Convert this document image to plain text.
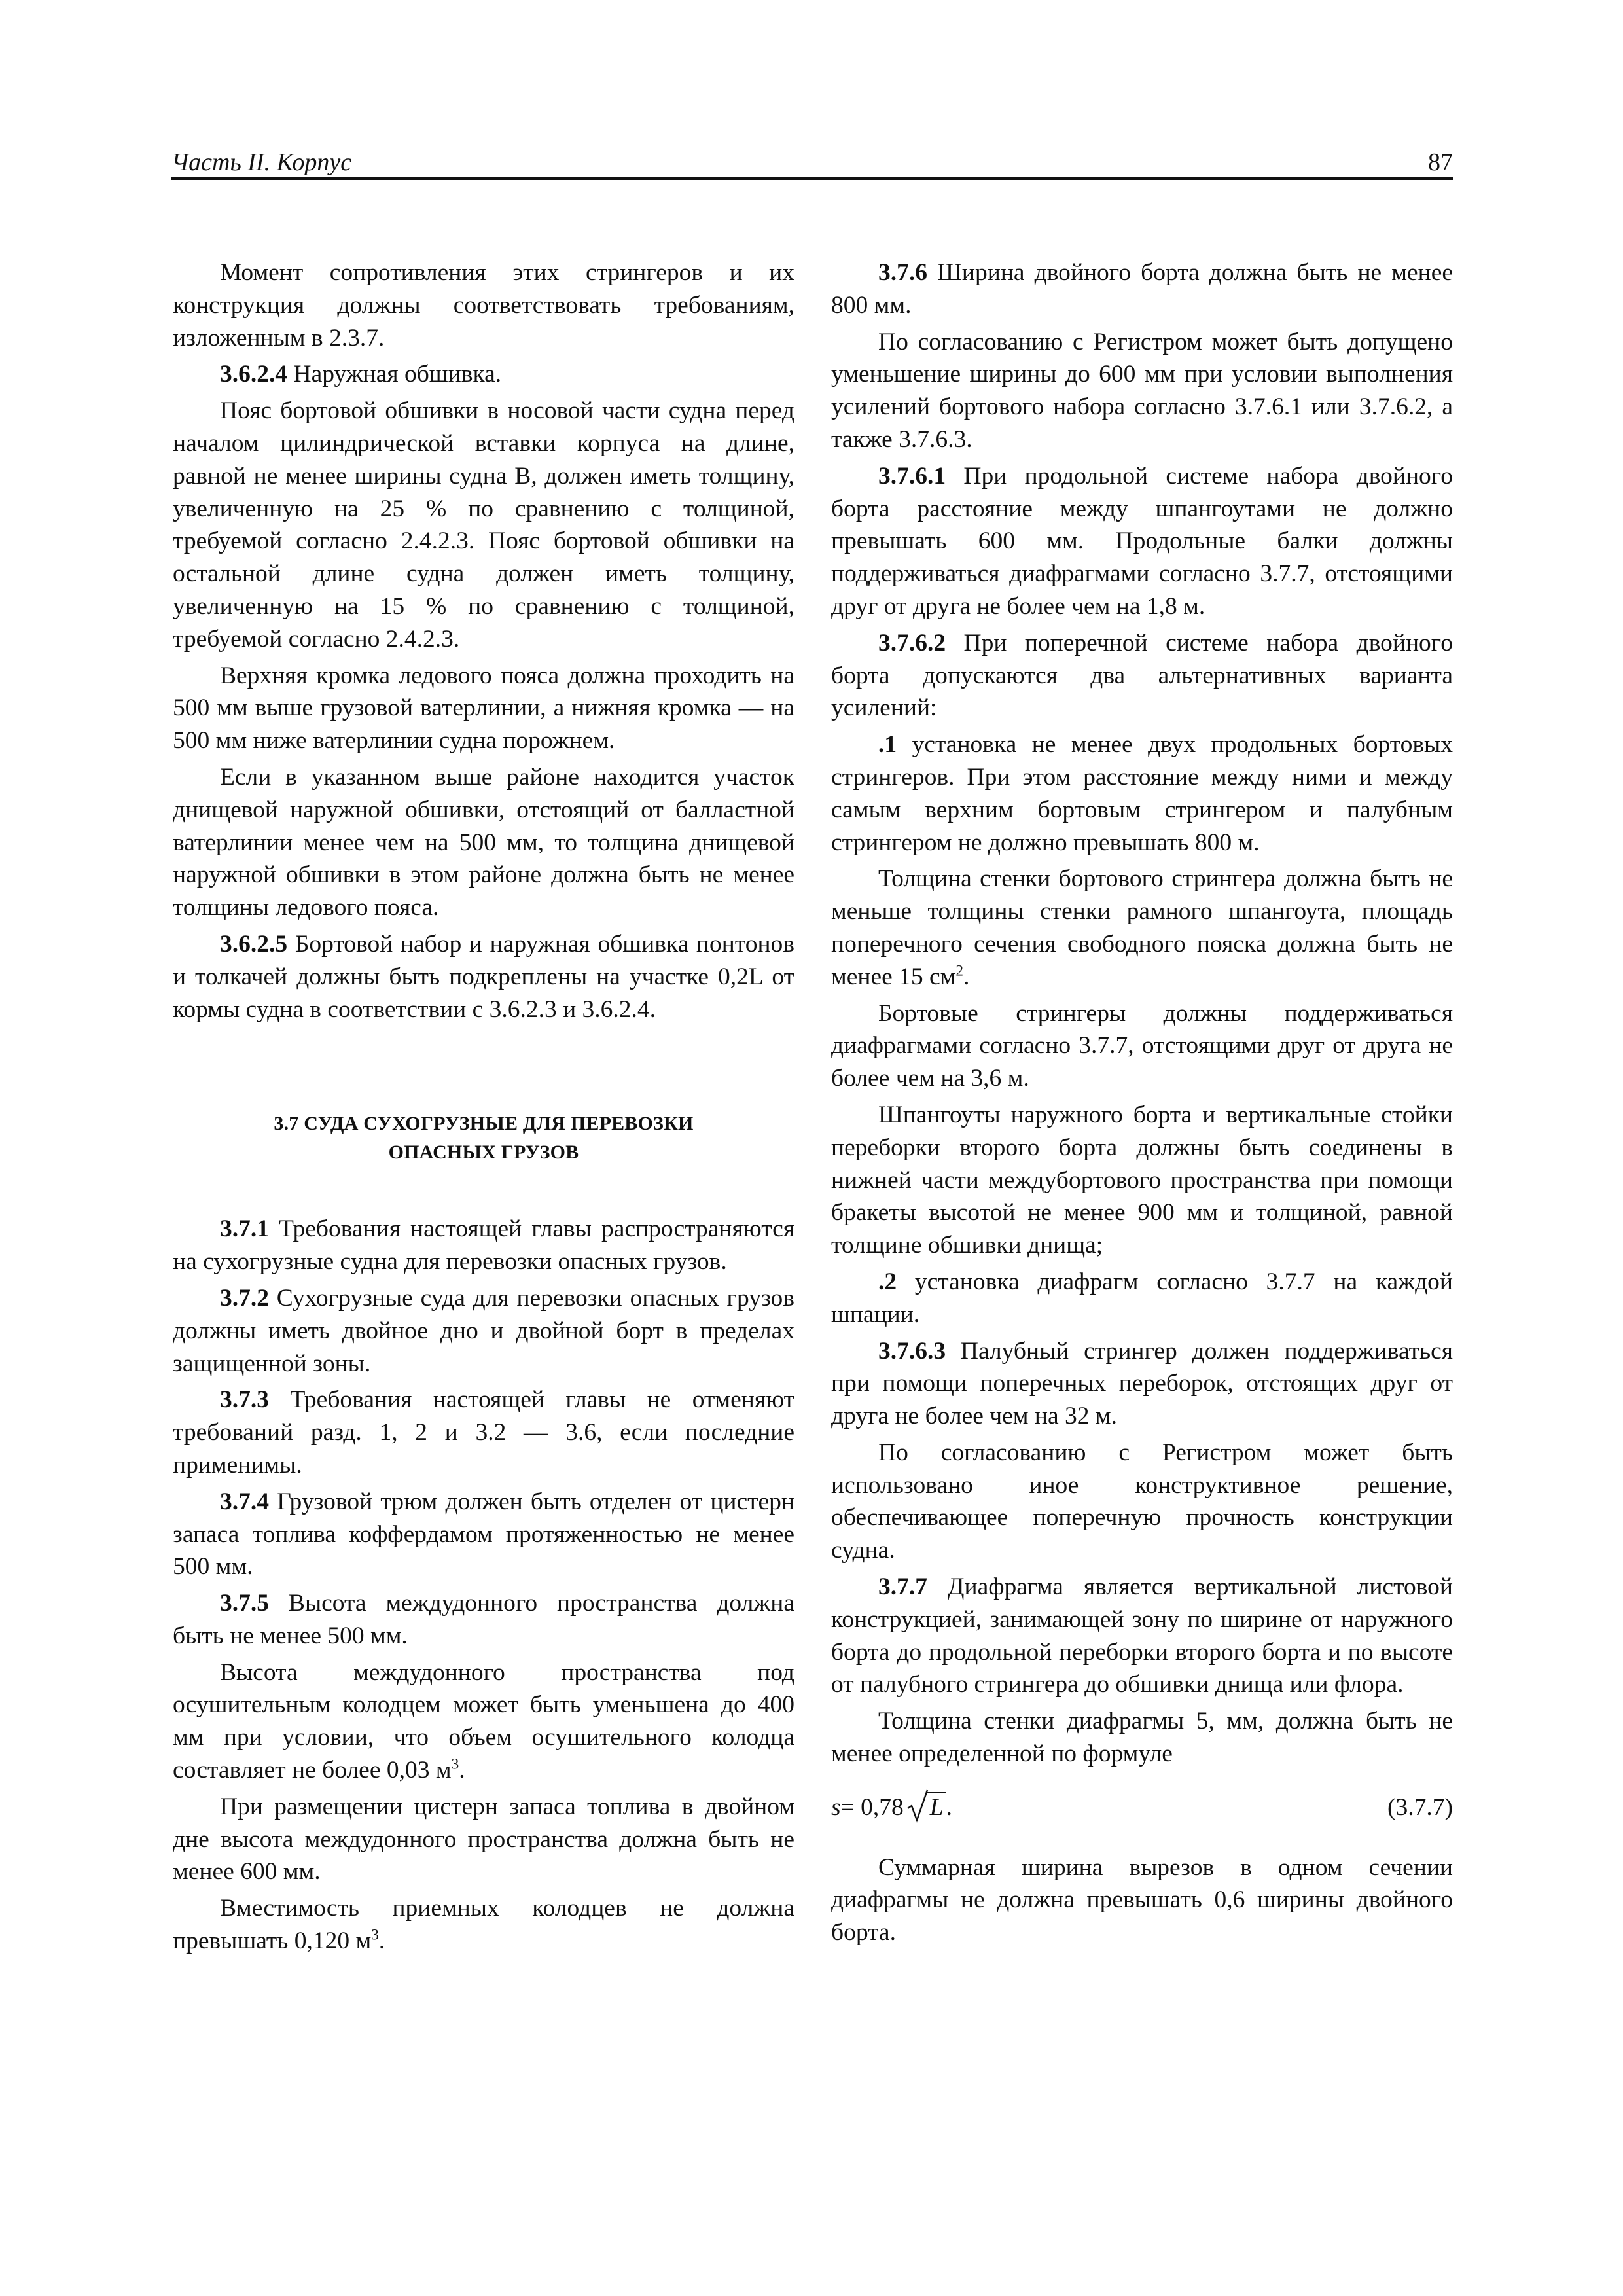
Часть II. Корпус	87

Момент сопротивления этих стрингеров и их конструкция должны соответствовать требованиям, изложенным в 2.3.7.

3.6.2.4 Наружная обшивка.

Пояс бортовой обшивки в носовой части судна перед началом цилиндрической вставки корпуса на длине, равной не менее ширины судна B, должен иметь толщину, увеличенную на 25 % по сравнению с толщиной, требуемой согласно 2.4.2.3. Пояс бортовой обшивки на остальной длине судна должен иметь толщину, увеличенную на 15 % по сравнению с толщиной, требуемой согласно 2.4.2.3.

Верхняя кромка ледового пояса должна проходить на 500 мм выше грузовой ватерлинии, а нижняя кромка — на 500 мм ниже ватерлинии судна порожнем.

Если в указанном выше районе находится участок днищевой наружной обшивки, отстоящий от балластной ватерлинии менее чем на 500 мм, то толщина днищевой наружной обшивки в этом районе должна быть не менее толщины ледового пояса.

3.6.2.5 Бортовой набор и наружная обшивка понтонов и толкачей должны быть подкреплены на участке 0,2L от кормы судна в соответствии с 3.6.2.3 и 3.6.2.4.

3.7 СУДА СУХОГРУЗНЫЕ ДЛЯ ПЕРЕВОЗКИ
ОПАСНЫХ ГРУЗОВ

3.7.1 Требования настоящей главы распространяются на сухогрузные судна для перевозки опасных грузов.

3.7.2 Сухогрузные суда для перевозки опасных грузов должны иметь двойное дно и двойной борт в пределах защищенной зоны.

3.7.3 Требования настоящей главы не отменяют требований разд. 1, 2 и 3.2 — 3.6, если последние применимы.

3.7.4 Грузовой трюм должен быть отделен от цистерн запаса топлива коффердамом протяженностью не менее 500 мм.

3.7.5 Высота междудонного пространства должна быть не менее 500 мм.

Высота междудонного пространства под осушительным колодцем может быть уменьшена до 400 мм при условии, что объем осушительного колодца составляет не более 0,03 $м^3$.

При размещении цистерн запаса топлива в двойном дне высота междудонного пространства должна быть не менее 600 мм.

Вместимость приемных колодцев не должна превышать 0,120 $м^3$.

3.7.6 Ширина двойного борта должна быть не менее 800 мм.

По согласованию с Регистром может быть допущено уменьшение ширины до 600 мм при условии выполнения усилений бортового набора согласно 3.7.6.1 или 3.7.6.2, а также 3.7.6.3.

3.7.6.1 При продольной системе набора двойного борта расстояние между шпангоутами не должно превышать 600 мм. Продольные балки должны поддерживаться диафрагмами согласно 3.7.7, отстоящими друг от друга не более чем на 1,8 м.

3.7.6.2 При поперечной системе набора двойного борта допускаются два альтернативных варианта усилений:

.1 установка не менее двух продольных бортовых стрингеров. При этом расстояние между ними и между самым верхним бортовым стрингером и палубным стрингером не должно превышать 800 м.

Толщина стенки бортового стрингера должна быть не меньше толщины стенки рамного шпангоута, площадь поперечного сечения свободного пояска должна быть не менее 15 $см^2$.

Бортовые стрингеры должны поддерживаться диафрагмами согласно 3.7.7, отстоящими друг от друга не более чем на 3,6 м.

Шпангоуты наружного борта и вертикальные стойки переборки второго борта должны быть соединены в нижней части междубортового пространства при помощи бракеты высотой не менее 900 мм и толщиной, равной толщине обшивки днища;

.2 установка диафрагм согласно 3.7.7 на каждой шпации.

3.7.6.3 Палубный стрингер должен поддерживаться при помощи поперечных переборок, отстоящих друг от друга не более чем на 32 м.

По согласованию с Регистром может быть использовано иное конструктивное решение, обеспечивающее поперечную прочность конструкции судна.

3.7.7 Диафрагма является вертикальной листовой конструкцией, занимающей зону по ширине от наружного борта до продольной переборки второго борта и по высоте от палубного стрингера до обшивки днища или флора.

Толщина стенки диафрагмы 5, мм, должна быть не менее определенной по формуле

s = 0,78	L .	(3.7.7)

Суммарная ширина вырезов в одном сечении диафрагмы не должна превышать 0,6 ширины двойного борта.
